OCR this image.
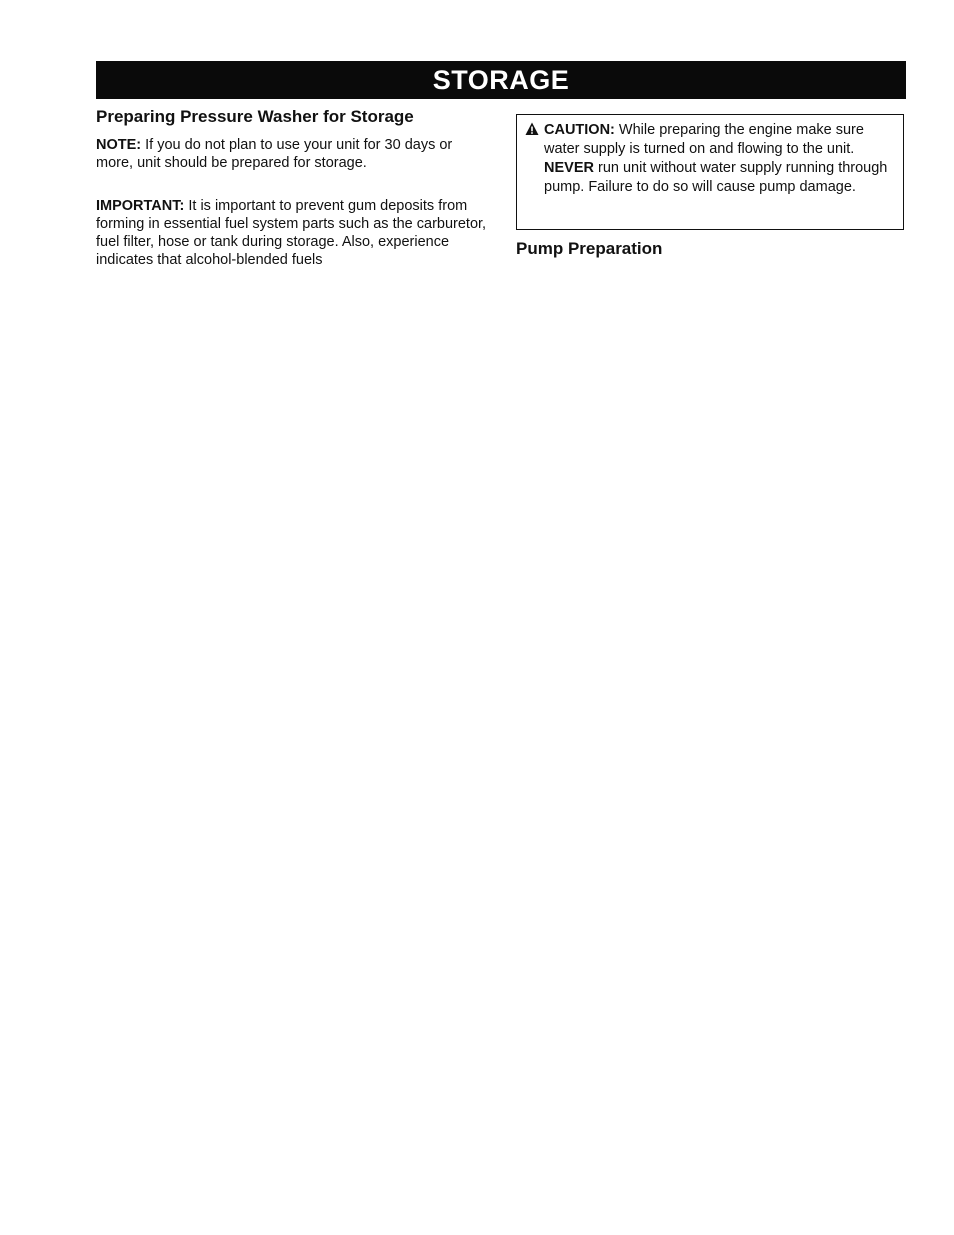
STORAGE
Preparing Pressure Washer for Storage

NOTE: If you do not plan to use your unit for 30 days or more, unit should be prepared for storage.

IMPORTANT: It is important to prevent gum deposits from forming in essential fuel system parts such as the carburetor, fuel filter, hose or tank during storage. Also, experience indicates that alcohol-blended fuels

CAUTION: While preparing the engine make sure water supply is turned on and flowing to the unit. NEVER run unit without water supply running through pump. Failure to do so will cause pump damage.

Pump Preparation
